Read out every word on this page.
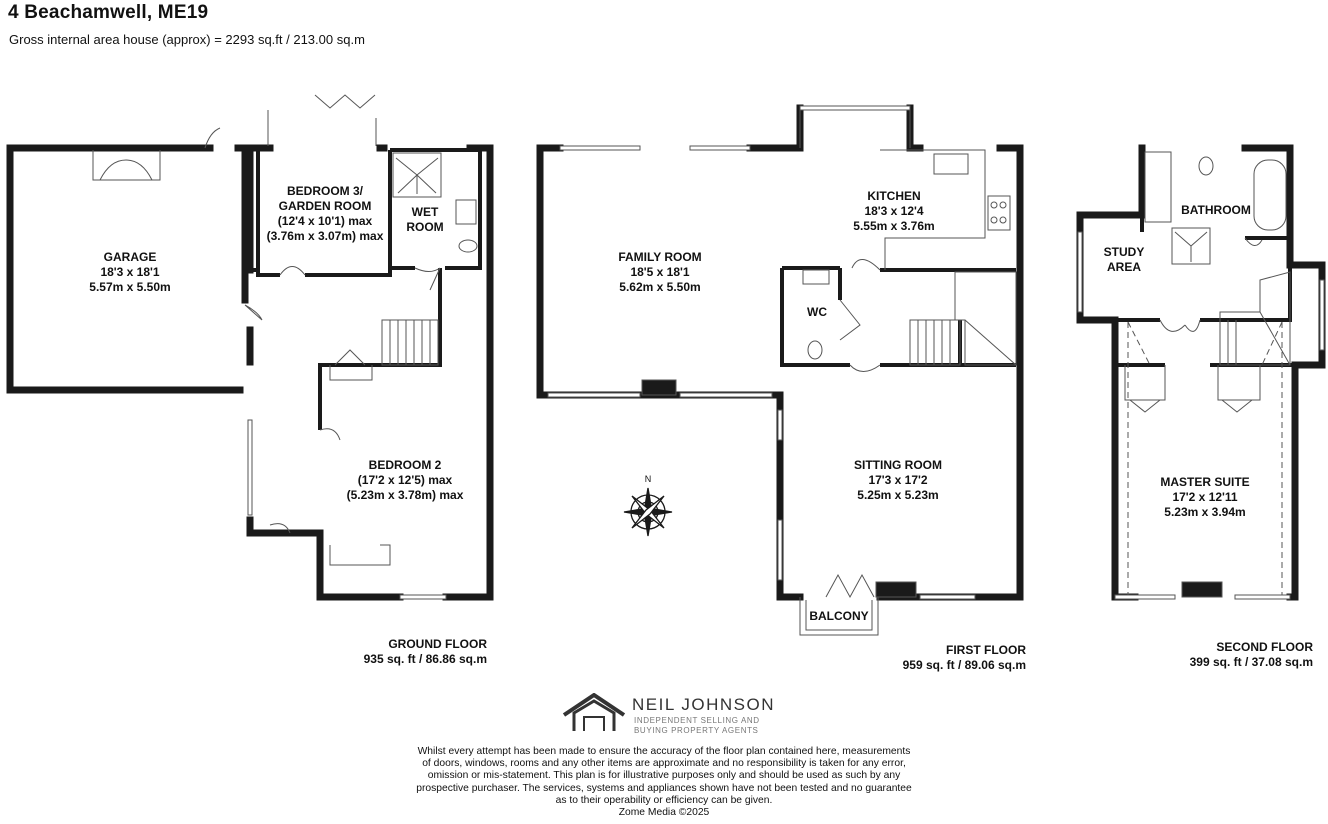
4 Beachamwell, ME19
Gross internal area house (approx) = 2293 sq.ft / 213.00 sq.m
GARAGE
18'3 x 18'1
5.57m x 5.50m
BEDROOM 3/
GARDEN ROOM
(12'4 x 10'1) max
(3.76m x 3.07m) max
WET
ROOM
BEDROOM 2
(17'2 x 12'5) max
(5.23m x 3.78m) max
FAMILY ROOM
18'5 x 18'1
5.62m x 5.50m
KITCHEN
18'3 x 12'4
5.55m x 3.76m
WC
SITTING ROOM
17'3 x 17'2
5.25m x 5.23m
BALCONY
BATHROOM
STUDY
AREA
MASTER SUITE
17'2 x 12'11
5.23m x 3.94m
GROUND FLOOR
935 sq. ft / 86.86 sq.m
FIRST FLOOR
959 sq. ft / 89.06 sq.m
SECOND FLOOR
399 sq. ft / 37.08 sq.m
N
NEIL JOHNSON
INDEPENDENT SELLING AND
BUYING PROPERTY AGENTS
Whilst every attempt has been made to ensure the accuracy of the floor plan contained here, measurements
of doors, windows, rooms and any other items are approximate and no responsibility is taken for any error,
omission or mis-statement. This plan is for illustrative purposes only and should be used as such by any
prospective purchaser. The services, systems and appliances shown have not been tested and no guarantee
as to their operability or efficiency can be given.
Zome Media ©2025
